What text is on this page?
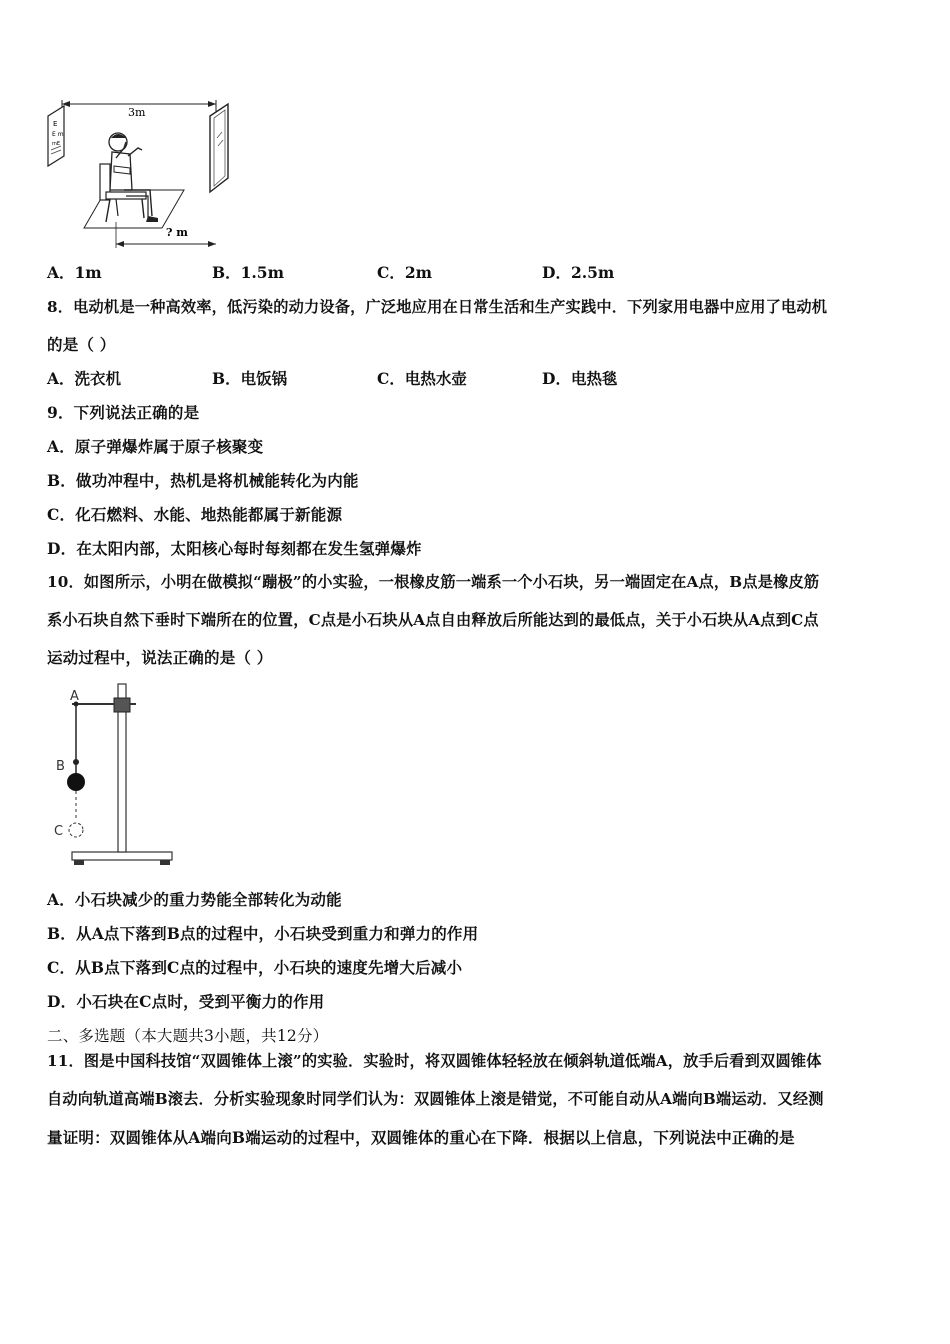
3m
E
E m
mE
? m
A．1m	B．1.5m	C．2m	D．2.5m
8．电动机是一种高效率，低污染的动力设备，广泛地应用在日常生活和生产实践中．下列家用电器中应用了电动机
的是（ ）
A．洗衣机	B．电饭锅	C．电热水壶	D．电热毯
9．下列说法正确的是
A．原子弹爆炸属于原子核聚变
B．做功冲程中，热机是将机械能转化为内能
C．化石燃料、水能、地热能都属于新能源
D．在太阳内部，太阳核心每时每刻都在发生氢弹爆炸
10．如图所示，小明在做模拟“蹦极”的小实验，一根橡皮筋一端系一个小石块，另一端固定在A点，B点是橡皮筋
系小石块自然下垂时下端所在的位置，C点是小石块从A点自由释放后所能达到的最低点，关于小石块从A点到C点
运动过程中，说法正确的是（ ）
A
B
C
A．小石块减少的重力势能全部转化为动能
B．从A点下落到B点的过程中，小石块受到重力和弹力的作用
C．从B点下落到C点的过程中，小石块的速度先增大后减小
D．小石块在C点时，受到平衡力的作用
二、多选题（本大题共3小题，共12分）
11．图是中国科技馆“双圆锥体上滚”的实验．实验时，将双圆锥体轻轻放在倾斜轨道低端A，放手后看到双圆锥体
自动向轨道高端B滚去．分析实验现象时同学们认为：双圆锥体上滚是错觉，不可能自动从A端向B端运动．又经测
量证明：双圆锥体从A端向B端运动的过程中，双圆锥体的重心在下降．根据以上信息，下列说法中正确的是
